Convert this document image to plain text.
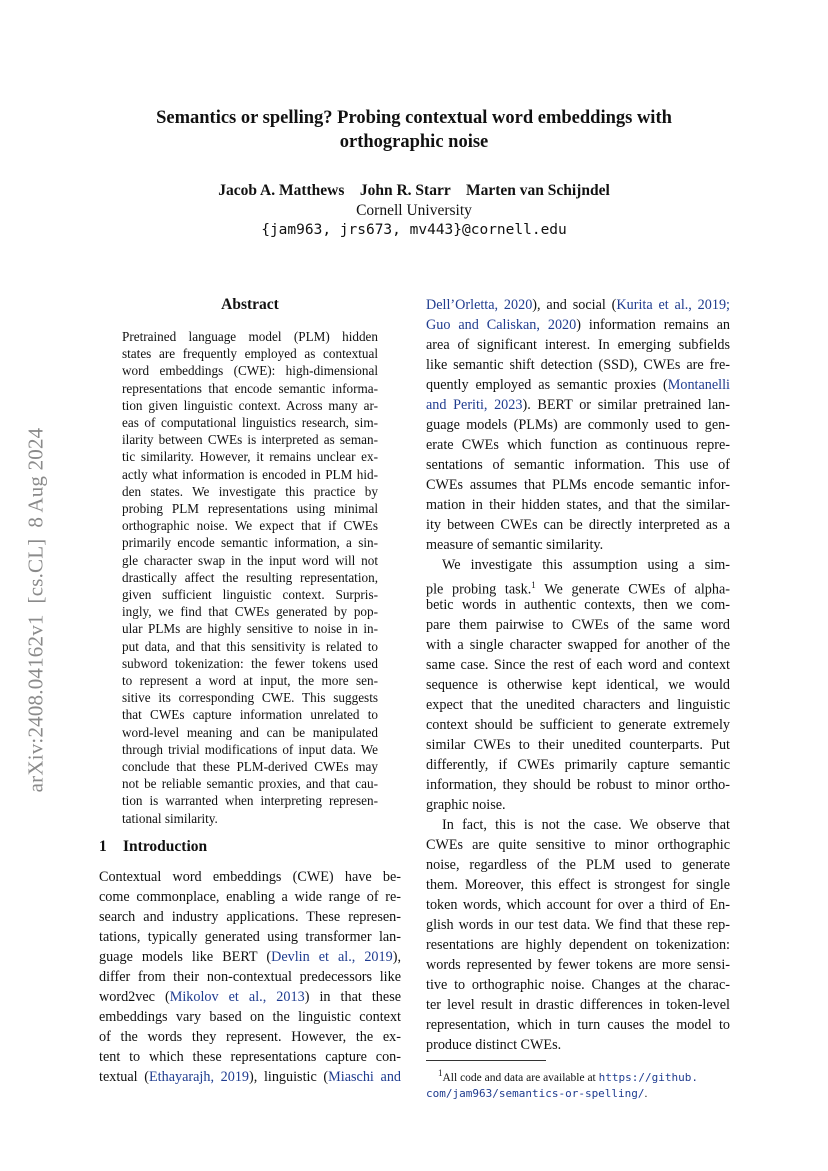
Semantics or spelling? Probing contextual word embeddings with
orthographic noise
Jacob A. Matthews    John R. Starr    Marten van Schijndel
Cornell University
{jam963, jrs673, mv443}@cornell.edu
arXiv:2408.04162v1  [cs.CL]  8 Aug 2024
Abstract
Pretrained language model (PLM) hidden
states are frequently employed as contextual
word embeddings (CWE): high-dimensional
representations that encode semantic informa-
tion given linguistic context. Across many ar-
eas of computational linguistics research, sim-
ilarity between CWEs is interpreted as seman-
tic similarity. However, it remains unclear ex-
actly what information is encoded in PLM hid-
den states. We investigate this practice by
probing PLM representations using minimal
orthographic noise. We expect that if CWEs
primarily encode semantic information, a sin-
gle character swap in the input word will not
drastically affect the resulting representation,
given sufficient linguistic context. Surpris-
ingly, we find that CWEs generated by pop-
ular PLMs are highly sensitive to noise in in-
put data, and that this sensitivity is related to
subword tokenization: the fewer tokens used
to represent a word at input, the more sen-
sitive its corresponding CWE. This suggests
that CWEs capture information unrelated to
word-level meaning and can be manipulated
through trivial modifications of input data. We
conclude that these PLM-derived CWEs may
not be reliable semantic proxies, and that cau-
tion is warranted when interpreting represen-
tational similarity.
1 Introduction
Contextual word embeddings (CWE) have be-
come commonplace, enabling a wide range of re-
search and industry applications. These represen-
tations, typically generated using transformer lan-
guage models like BERT (Devlin et al., 2019),
differ from their non-contextual predecessors like
word2vec (Mikolov et al., 2013) in that these
embeddings vary based on the linguistic context
of the words they represent. However, the ex-
tent to which these representations capture con-
textual (Ethayarajh, 2019), linguistic (Miaschi and
Dell’Orletta, 2020), and social (Kurita et al., 2019;
Guo and Caliskan, 2020) information remains an
area of significant interest. In emerging subfields
like semantic shift detection (SSD), CWEs are fre-
quently employed as semantic proxies (Montanelli
and Periti, 2023). BERT or similar pretrained lan-
guage models (PLMs) are commonly used to gen-
erate CWEs which function as continuous repre-
sentations of semantic information. This use of
CWEs assumes that PLMs encode semantic infor-
mation in their hidden states, and that the similar-
ity between CWEs can be directly interpreted as a
measure of semantic similarity.
We investigate this assumption using a sim-
ple probing task.$^1$ We generate CWEs of alpha-
betic words in authentic contexts, then we com-
pare them pairwise to CWEs of the same word
with a single character swapped for another of the
same case. Since the rest of each word and context
sequence is otherwise kept identical, we would
expect that the unedited characters and linguistic
context should be sufficient to generate extremely
similar CWEs to their unedited counterparts. Put
differently, if CWEs primarily capture semantic
information, they should be robust to minor ortho-
graphic noise.
In fact, this is not the case. We observe that
CWEs are quite sensitive to minor orthographic
noise, regardless of the PLM used to generate
them. Moreover, this effect is strongest for single
token words, which account for over a third of En-
glish words in our test data. We find that these rep-
resentations are highly dependent on tokenization:
words represented by fewer tokens are more sensi-
tive to orthographic noise. Changes at the charac-
ter level result in drastic differences in token-level
representation, which in turn causes the model to
produce distinct CWEs.
$^1$All code and data are available at https://github.
com/jam963/semantics-or-spelling/.
